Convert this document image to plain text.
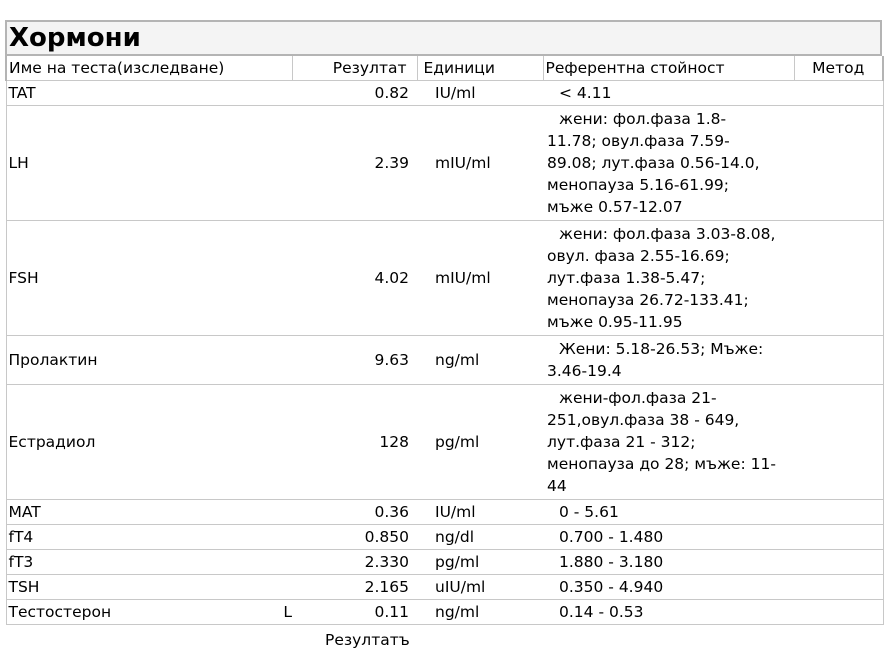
Хормони
Име на теста(изследване)	Резултат	Единици	Референтна стойност	Метод
TAT	0.82	IU/ml	< 4.11	

LH	2.39	mIU/ml	жени: фол.фаза 1.8-
11.78; овул.фаза 7.59-
89.08; лут.фаза 0.56-14.0,
менопауза 5.16-61.99;
мъже 0.57-12.07	

FSH	4.02	mIU/ml	жени: фол.фаза 3.03-8.08,
овул. фаза 2.55-16.69;
лут.фаза 1.38-5.47;
менопауза 26.72-133.41;
мъже 0.95-11.95	

Пролактин	9.63	ng/ml	Жени: 5.18-26.53; Мъже:
3.46-19.4	

Естрадиол	128	pg/ml	жени-фол.фаза 21-
251,овул.фаза 38 - 649,
лут.фаза 21 - 312;
менопауза до 28; мъже: 11-
44	

MAT	0.36	IU/ml	0 - 5.61	

fT4	0.850	ng/dl	0.700 - 1.480	

fT3	2.330	pg/ml	1.880 - 3.180	

TSH	2.165	uIU/ml	0.350 - 4.940	

Тестостерон L	0.11	ng/ml	0.14 - 0.53	

Резултатъ
